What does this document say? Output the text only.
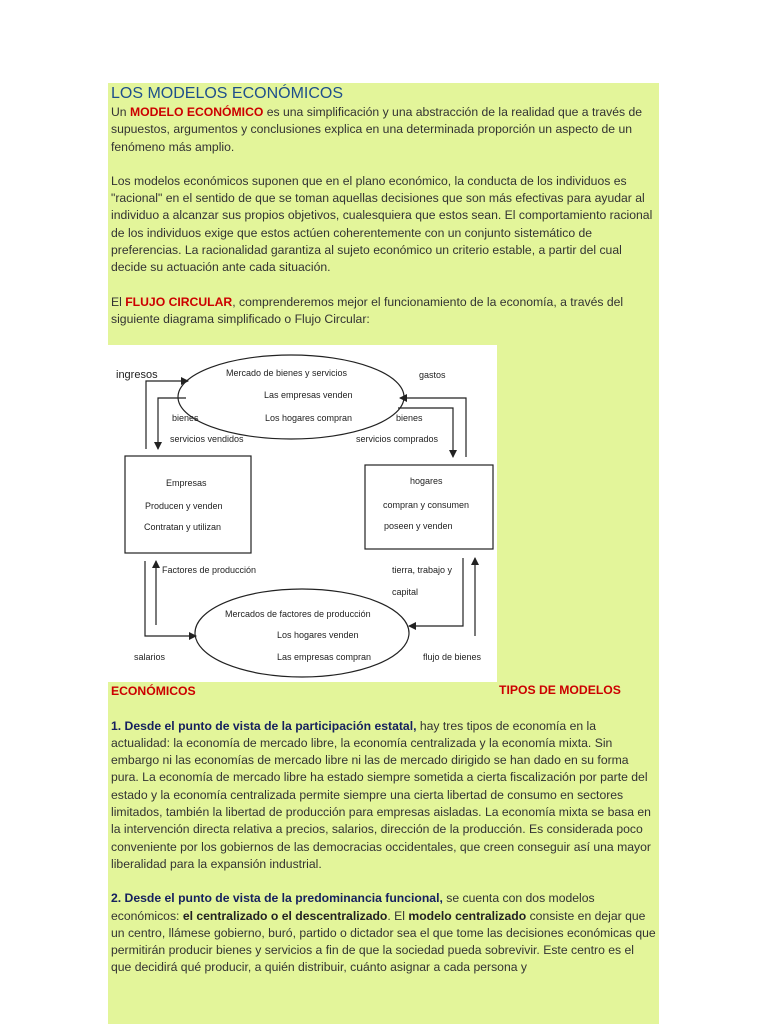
LOS MODELOS ECONÓMICOS

Un MODELO ECONÓMICO es una simplificación y una abstracción de la realidad que a través de supuestos, argumentos y conclusiones explica en una determinada proporción un aspecto de un fenómeno más amplio.

Los modelos económicos suponen que en el plano económico, la conducta de los individuos es "racional" en el sentido de que se toman aquellas decisiones que son más efectivas para ayudar al individuo a alcanzar sus propios objetivos, cualesquiera que estos sean. El comportamiento racional de los individuos exige que estos actúen coherentemente con un conjunto sistemático de preferencias. La racionalidad garantiza al sujeto económico un criterio estable, a partir del cual decide su actuación ante cada situación.

El FLUJO CIRCULAR, comprenderemos mejor el funcionamiento de la economía, a través del siguiente diagrama simplificado o Flujo Circular:

ingresos	gastos
Mercado de bienes y servicios
Las empresas venden
Los hogares compran
bienes
servicios vendidos
bienes
servicios comprados
Empresas
Producen y venden
Contratan y utilizan
hogares
compran y consumen
poseen y venden
Factores de producción	tierra, trabajo y
capital
Mercados de factores de producción
Los hogares venden
Las empresas compran
salarios	flujo de bienes
TIPOS DE MODELOS

ECONÓMICOS

1. Desde el punto de vista de la participación estatal, hay tres tipos de economía en la actualidad: la economía de mercado libre, la economía centralizada y la economía mixta. Sin embargo ni las economías de mercado libre ni las de mercado dirigido se han dado en su forma pura. La economía de mercado libre ha estado siempre sometida a cierta fiscalización por parte del estado y la economía centralizada permite siempre una cierta libertad de consumo en sectores limitados, también la libertad de producción para empresas aisladas. La economía mixta se basa en la intervención directa relativa a precios, salarios, dirección de la producción. Es considerada poco conveniente por los gobiernos de las democracias occidentales, que creen conseguir así una mayor liberalidad para la expansión industrial.

2. Desde el punto de vista de la predominancia funcional, se cuenta con dos modelos económicos: el centralizado o el descentralizado. El modelo centralizado consiste en dejar que un centro, llámese gobierno, buró, partido o dictador sea el que tome las decisiones económicas que permitirán producir bienes y servicios a fin de que la sociedad pueda sobrevivir. Este centro es el que decidirá qué producir, a quién distribuir, cuánto asignar a cada persona y
